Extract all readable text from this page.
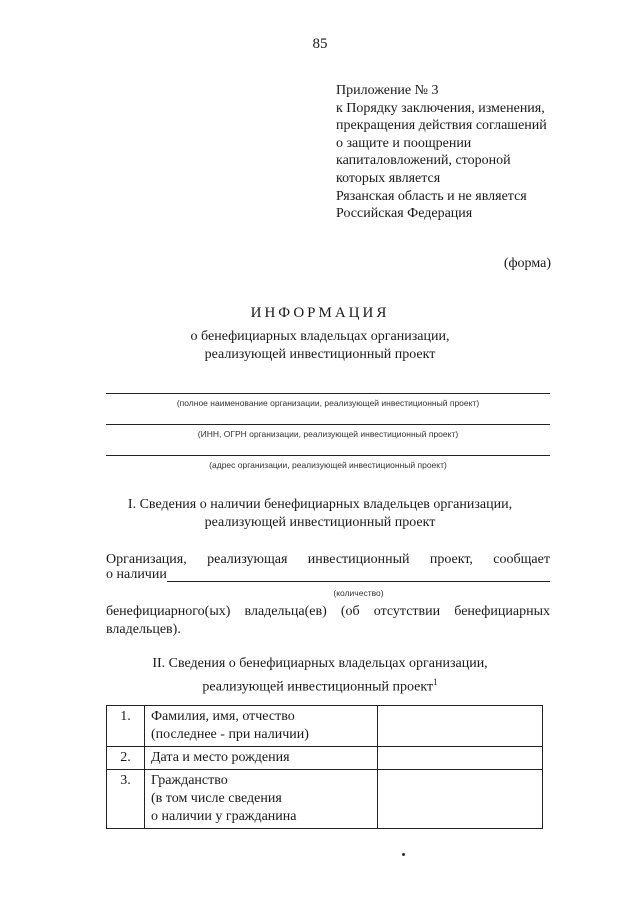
85
Приложение № 3
к Порядку заключения, изменения,
прекращения действия соглашений
о защите и поощрении
капиталовложений, стороной
которых является
Рязанская область и не является
Российская Федерация
(форма)
ИНФОРМАЦИЯ
о бенефициарных владельцах организации,
реализующей инвестиционный проект
(полное наименование организации, реализующей инвестиционный проект)
(ИНН, ОГРН организации, реализующей инвестиционный проект)
(адрес организации, реализующей инвестиционный проект)
I. Сведения о наличии бенефициарных владельцев организации,
реализующей инвестиционный проект
Организация, реализующая инвестиционный проект, сообщает
о наличии
(количество)
бенефициарного(ых) владельца(ев) (об отсутствии бенефициарных
владельцев).
II. Сведения о бенефициарных владельцах организации,
реализующей инвестиционный проект$^1$
1.	Фамилия, имя, отчество
(последнее - при наличии)	

2.	Дата и место рождения	

3.	Гражданство
(в том числе сведения
о наличии у гражданина	
